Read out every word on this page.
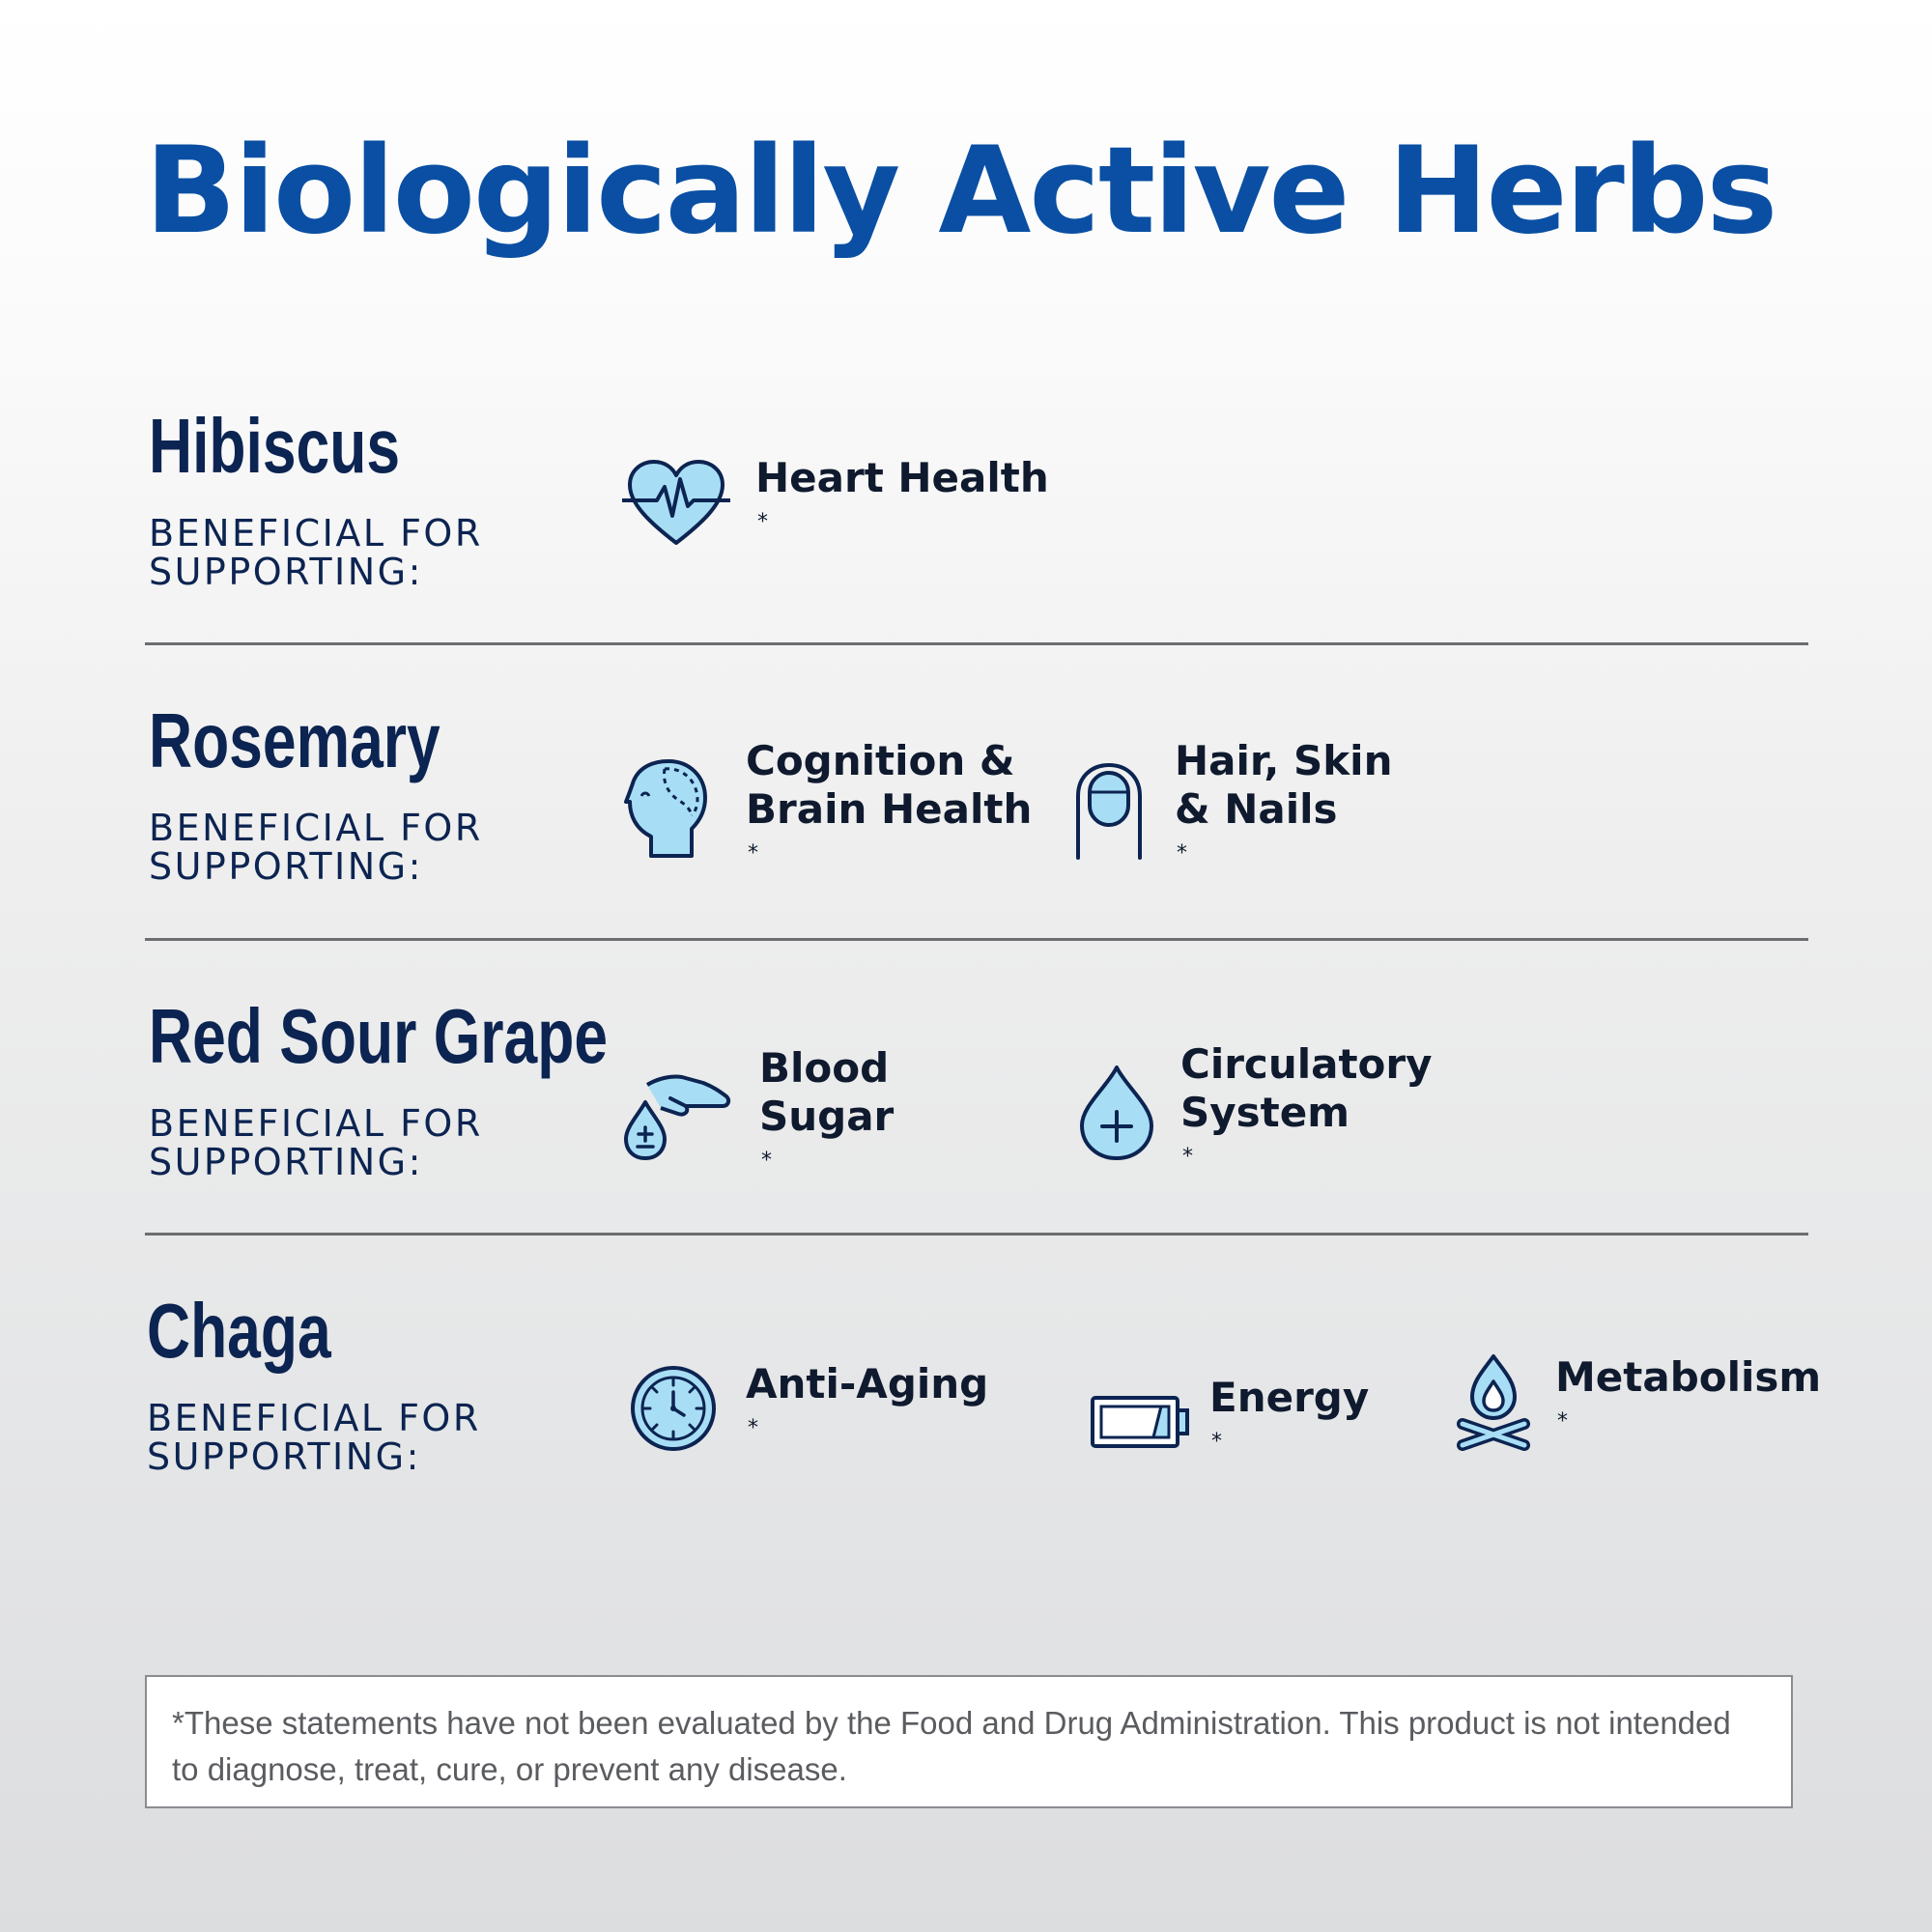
Biologically Active Herbs
Hibiscus

BENEFICIAL FOR
SUPPORTING:

Heart Health
*
Rosemary

BENEFICIAL FOR
SUPPORTING:

Cognition &
Brain Health
*
Hair, Skin
& Nails
*
Red Sour Grape

BENEFICIAL FOR
SUPPORTING:

Blood
Sugar
*
Circulatory
System
*
Chaga

BENEFICIAL FOR
SUPPORTING:

Anti-Aging
*
Energy
*
Metabolism
*
*These statements have not been evaluated by the Food and Drug Administration. This product is not intended to diagnose, treat, cure, or prevent any disease.
